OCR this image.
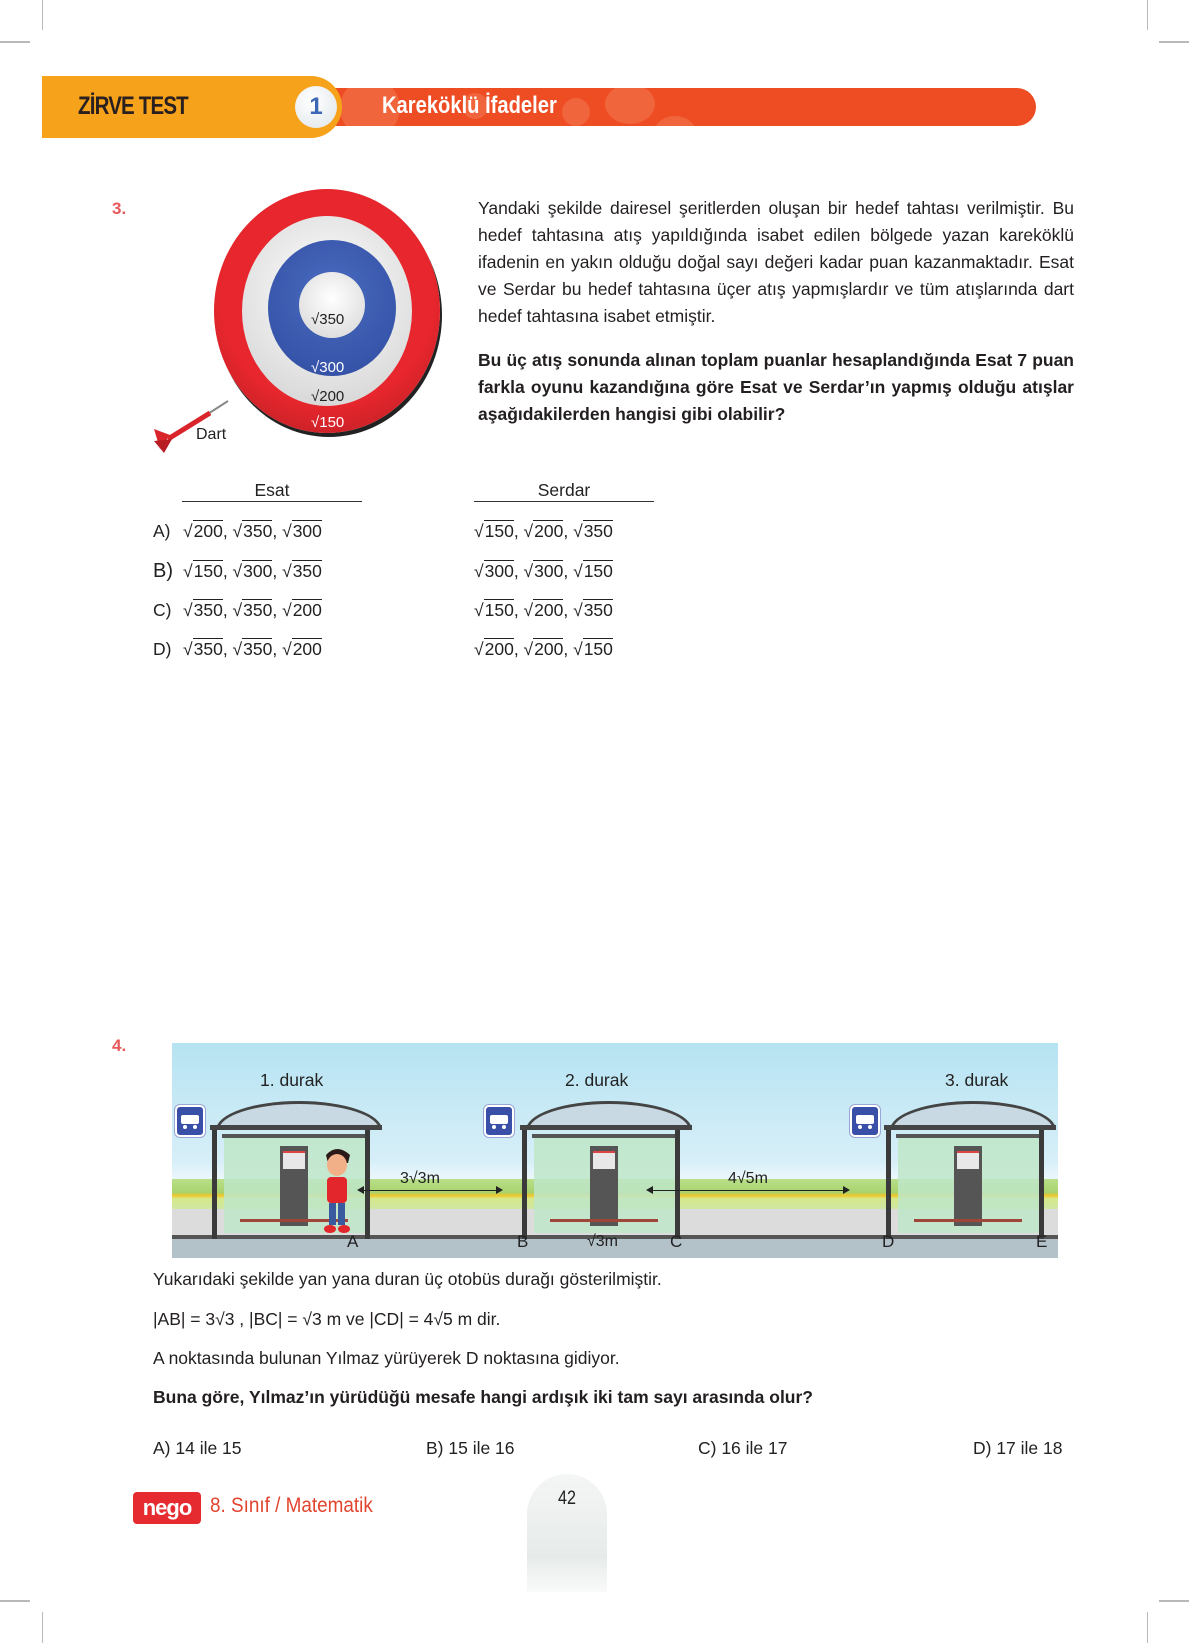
ZİRVE TEST	1	Kareköklü İfadeler
3.
√350
√300
√200
√150
Dart
Yandaki şekilde dairesel şeritlerden oluşan bir hedef tahtası verilmiştir. Bu hedef tahtasına atış yapıldığında isabet edilen bölgede yazan kareköklü ifadenin en yakın olduğu doğal sayı değeri kadar puan kazanmaktadır. Esat ve Serdar bu hedef tahtasına üçer atış yapmışlardır ve tüm atışlarında dart hedef tahtasına isabet etmiştir.
Bu üç atış sonunda alınan toplam puanlar hesaplandığında Esat 7 puan farkla oyunu kazandığına göre Esat ve Serdar’ın yapmış olduğu atışlar aşağıdakilerden hangisi gibi olabilir?
Esat	Serdar
A) √200, √350, √300	√150, √200, √350
B) √150, √300, √350	√300, √300, √150
C) √350, √350, √200	√150, √200, √350
D) √350, √350, √200	√200, √200, √150
4.
1. durak	2. durak	3. durak
3√3m	4√5m
√3m
A	B	C	D	E
Yukarıdaki şekilde yan yana duran üç otobüs durağı gösterilmiştir.
|AB| = 3√3 , |BC| = √3 m ve |CD| = 4√5 m dir.
A noktasında bulunan Yılmaz yürüyerek D noktasına gidiyor.
Buna göre, Yılmaz’ın yürüdüğü mesafe hangi ardışık iki tam sayı arasında olur?
A) 14 ile 15	B) 15 ile 16	C) 16 ile 17	D) 17 ile 18
42
nego 8. Sınıf / Matematik
